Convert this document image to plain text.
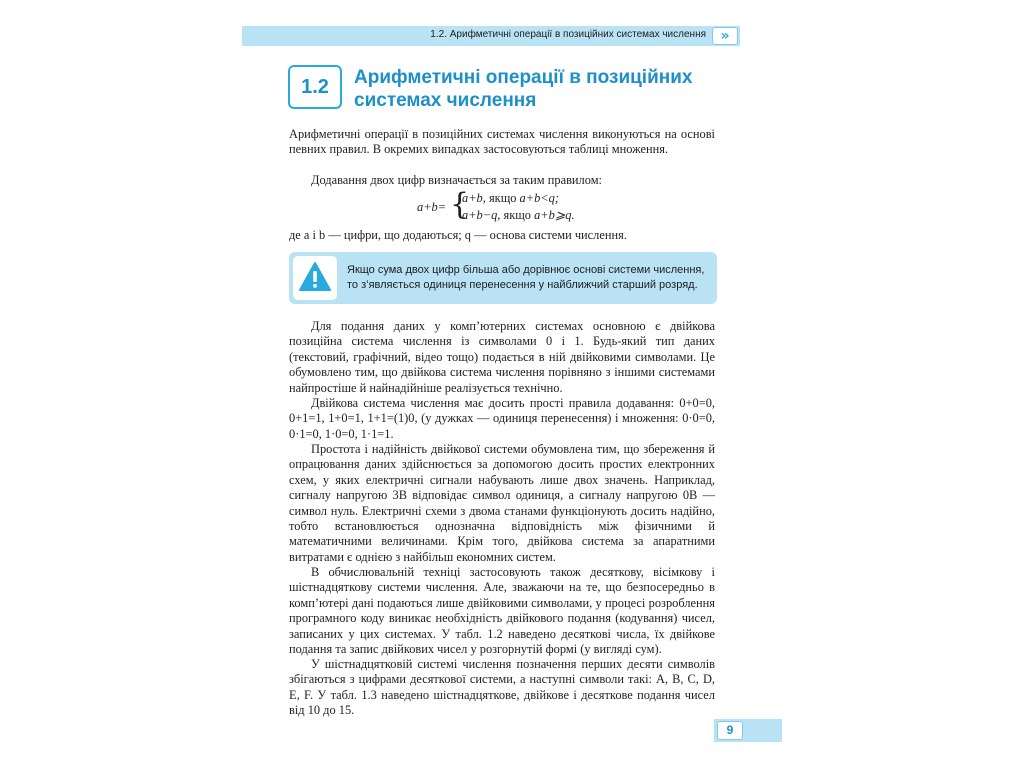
1.2. Арифметичні операції в позиційних системах числення	»
1.2	Арифметичні операції в позиційних
системах числення

Арифметичні операції в позиційних системах числення виконуються на основі певних правил. В окремих випадках застосовуються таблиці множення.

Додавання двох цифр визначається за таким правилом:

a+b= {
a+b, якщо a+b<q;
a+b−q, якщо a+b⩾q.

де a і b — цифри, що додаються; q — основа системи числення.

Якщо сума двох цифр більша або дорівнює основі системи числення,
то з’являється одиниця перенесення у найближчий старший розряд.

Для подання даних у комп’ютерних системах основною є двійкова позиційна система числення із символами 0 і 1. Будь-який тип даних (текстовий, графічний, відео тощо) подається в ній двійковими символами. Це обумовлено тим, що двійкова система числення порівняно з іншими системами найпростіше й найнадійніше реалізується технічно.

Двійкова система числення має досить прості правила додавання: 0+0=0, 0+1=1, 1+0=1, 1+1=(1)0, (у дужках — одиниця перенесення) і множення: 0·0=0, 0·1=0, 1·0=0, 1·1=1.

Простота і надійність двійкової системи обумовлена тим, що збереження й опрацювання даних здійснюється за допомогою досить простих електронних схем, у яких електричні сигнали набувають лише двох значень. Наприклад, сигналу напругою 3В відповідає символ одиниця, а сигналу напругою 0В — символ нуль. Електричні схеми з двома станами функціонують досить надійно, тобто встановлюється однозначна відповідність між фізичними й математичними величинами. Крім того, двійкова система за апаратними витратами є однією з найбільш економних систем.

В обчислювальній техніці застосовують також десяткову, вісімкову і шістнадцяткову системи числення. Але, зважаючи на те, що безпосередньо в комп’ютері дані подаються лише двійковими символами, у процесі розроблення програмного коду виникає необхідність двійкового подання (кодування) чисел, записаних у цих системах. У табл. 1.2 наведено десяткові числа, їх двійкове подання та запис двійкових чисел у розгорнутій формі (у вигляді сум).

У шістнадцятковій системі числення позначення перших десяти символів збігаються з цифрами десяткової системи, а наступні символи такі: A, B, C, D, E, F. У табл. 1.3 наведено шістнадцяткове, двійкове і десяткове подання чисел від 10 до 15.

9
